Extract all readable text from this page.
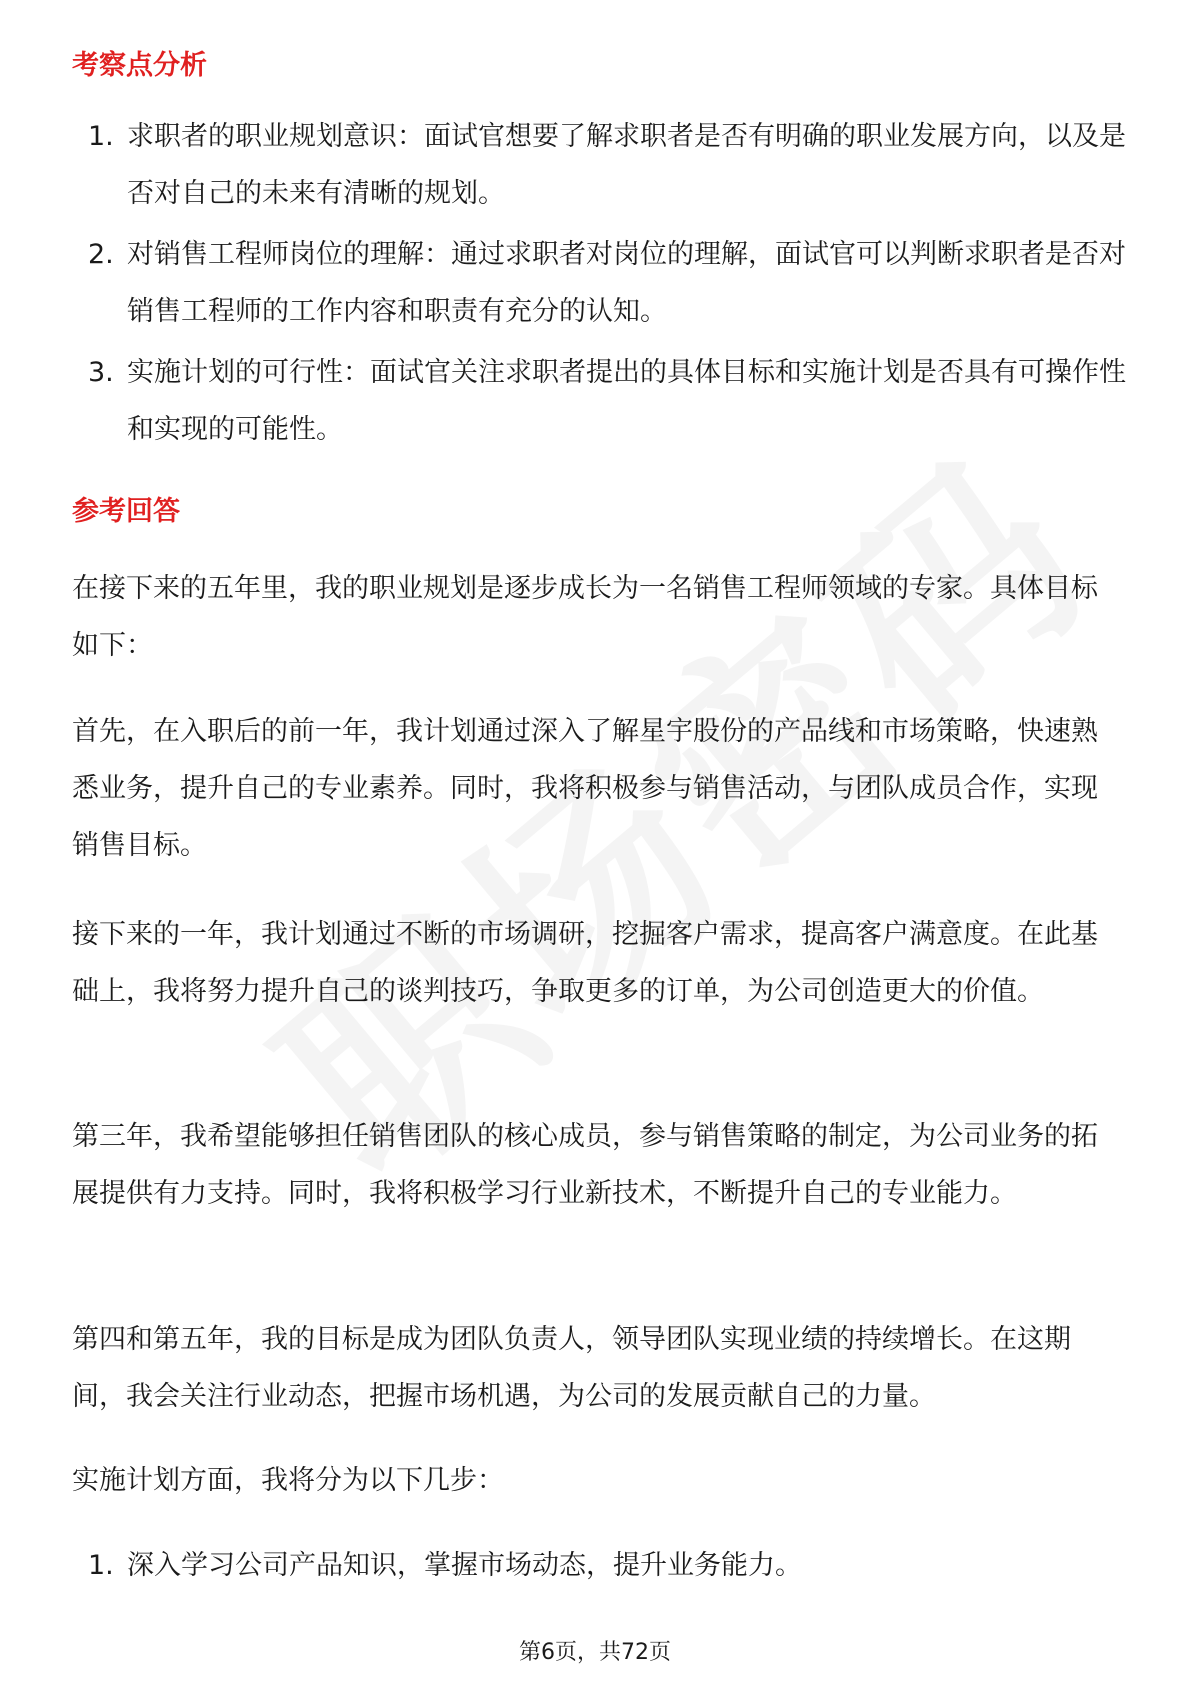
考察点分析
1. 求职者的职业规划意识：面试官想要了解求职者是否有明确的职业发展方向，以及是否对自己的未来有清晰的规划。
2. 对销售工程师岗位的理解：通过求职者对岗位的理解，面试官可以判断求职者是否对销售工程师的工作内容和职责有充分的认知。
3. 实施计划的可行性：面试官关注求职者提出的具体目标和实施计划是否具有可操作性和实现的可能性。
参考回答

在接下来的五年里，我的职业规划是逐步成长为一名销售工程师领域的专家。具体目标如下：

首先，在入职后的前一年，我计划通过深入了解星宇股份的产品线和市场策略，快速熟悉业务，提升自己的专业素养。同时，我将积极参与销售活动，与团队成员合作，实现销售目标。

接下来的一年，我计划通过不断的市场调研，挖掘客户需求，提高客户满意度。在此基础上，我将努力提升自己的谈判技巧，争取更多的订单，为公司创造更大的价值。

第三年，我希望能够担任销售团队的核心成员，参与销售策略的制定，为公司业务的拓展提供有力支持。同时，我将积极学习行业新技术，不断提升自己的专业能力。

第四和第五年，我的目标是成为团队负责人，领导团队实现业绩的持续增长。在这期间，我会关注行业动态，把握市场机遇，为公司的发展贡献自己的力量。

实施计划方面，我将分为以下几步：

1. 深入学习公司产品知识，掌握市场动态，提升业务能力。
第6页，共72页
